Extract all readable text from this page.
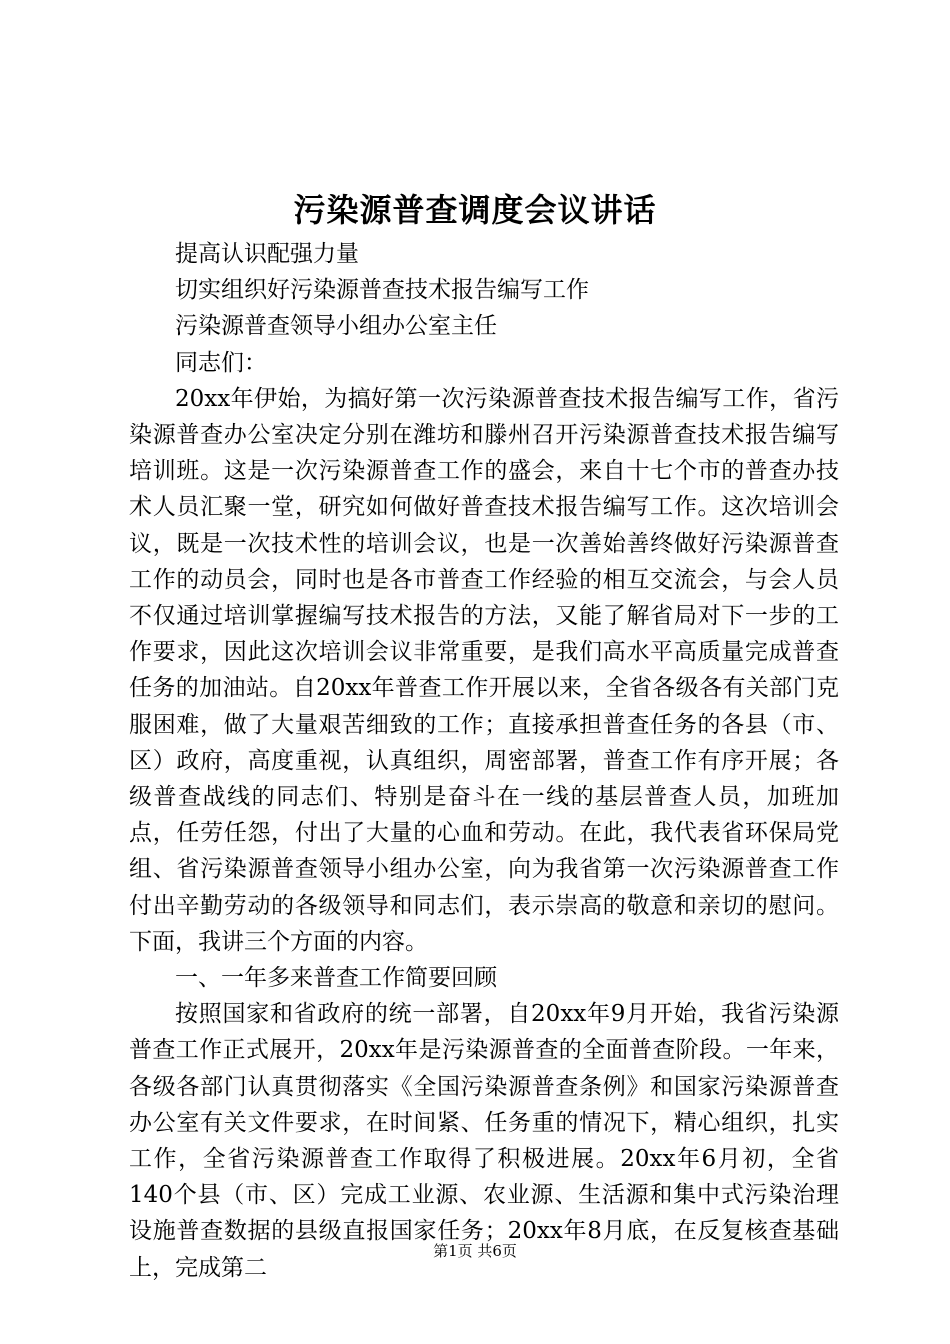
污染源普查调度会议讲话

提高认识配强力量

切实组织好污染源普查技术报告编写工作

污染源普查领导小组办公室主任

同志们：

20xx年伊始，为搞好第一次污染源普查技术报告编写工作，省污染源普查办公室决定分别在潍坊和滕州召开污染源普查技术报告编写培训班。这是一次污染源普查工作的盛会，来自十七个市的普查办技术人员汇聚一堂，研究如何做好普查技术报告编写工作。这次培训会议，既是一次技术性的培训会议，也是一次善始善终做好污染源普查工作的动员会，同时也是各市普查工作经验的相互交流会，与会人员不仅通过培训掌握编写技术报告的方法，又能了解省局对下一步的工作要求，因此这次培训会议非常重要，是我们高水平高质量完成普查任务的加油站。自20xx年普查工作开展以来，全省各级各有关部门克服困难，做了大量艰苦细致的工作；直接承担普查任务的各县（市、区）政府，高度重视，认真组织，周密部署，普查工作有序开展；各级普查战线的同志们、特别是奋斗在一线的基层普查人员，加班加点，任劳任怨，付出了大量的心血和劳动。在此，我代表省环保局党组、省污染源普查领导小组办公室，向为我省第一次污染源普查工作付出辛勤劳动的各级领导和同志们，表示崇高的敬意和亲切的慰问。下面，我讲三个方面的内容。

一、一年多来普查工作简要回顾

按照国家和省政府的统一部署，自20xx年9月开始，我省污染源普查工作正式展开，20xx年是污染源普查的全面普查阶段。一年来，各级各部门认真贯彻落实《全国污染源普查条例》和国家污染源普查办公室有关文件要求，在时间紧、任务重的情况下，精心组织，扎实工作，全省污染源普查工作取得了积极进展。20xx年6月初，全省140个县（市、区）完成工业源、农业源、生活源和集中式污染治理设施普查数据的县级直报国家任务；20xx年8月底，在反复核查基础上，完成第二

第1页 共6页
